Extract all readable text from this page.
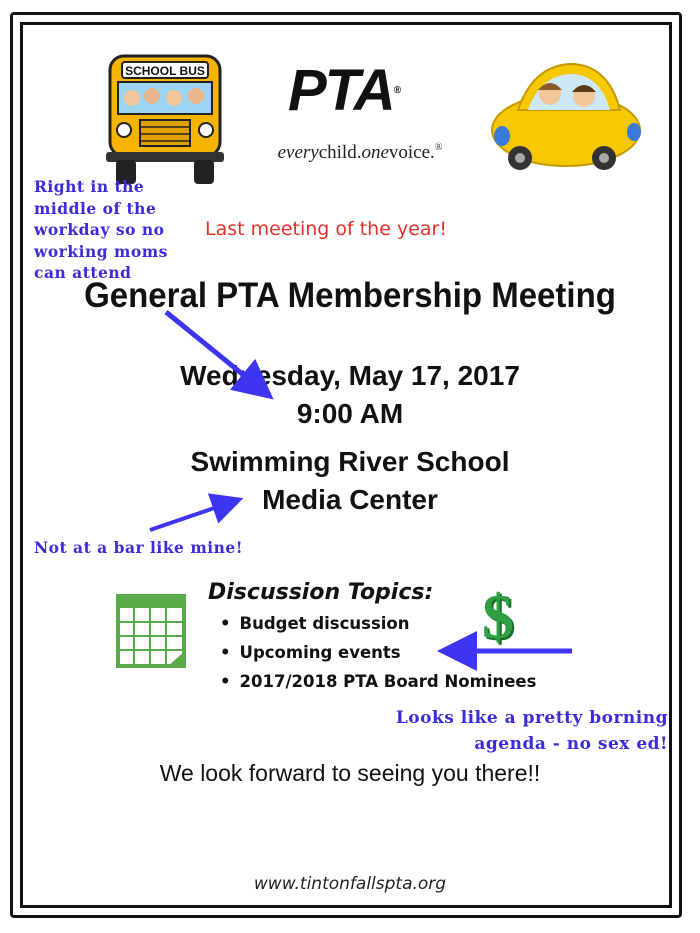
SCHOOL BUS PTA®
everychild.onevoice.®
Last meeting of the year!
Right in the
middle of the
workday so no
working moms
can attend
General PTA Membership Meeting
Wednesday, May 17, 2017
9:00 AM
Swimming River School
Media Center
Not at a bar like mine!
Discussion Topics:
• Budget discussion
• Upcoming events
• 2017/2018 PTA Board Nominees
$
Looks like a pretty borning
agenda - no sex ed!
We look forward to seeing you there!!
www.tintonfallspta.org
